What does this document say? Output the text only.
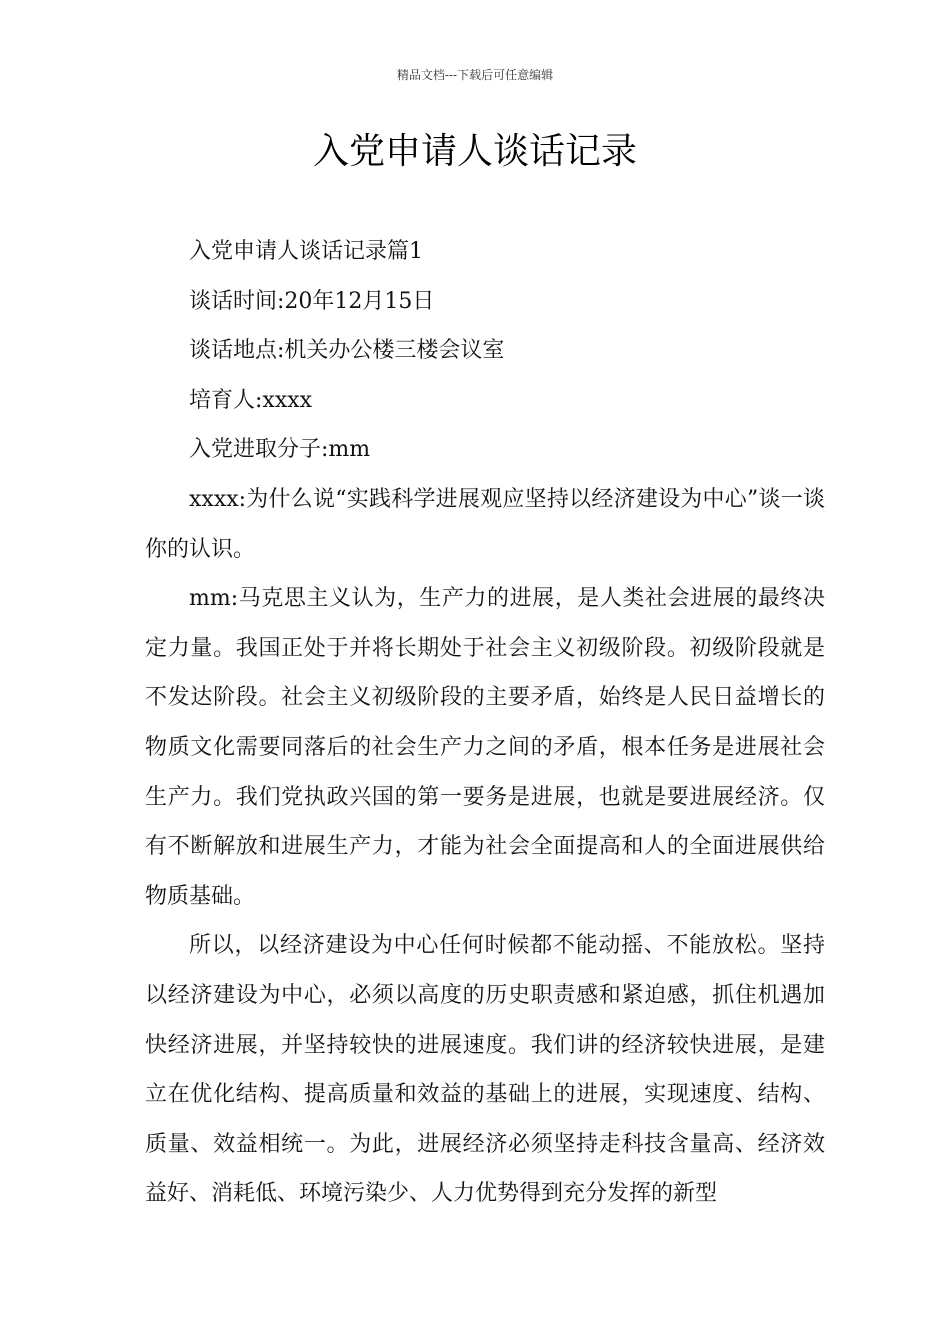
精品文档---下载后可任意编辑
入党申请人谈话记录

入党申请人谈话记录篇1

谈话时间:20年12月15日

谈话地点:机关办公楼三楼会议室

培育人:xxxx

入党进取分子:mm

xxxx:为什么说“实践科学进展观应坚持以经济建设为中心”谈一谈你的认识。

mm:马克思主义认为，生产力的进展，是人类社会进展的最终决定力量。我国正处于并将长期处于社会主义初级阶段。初级阶段就是不发达阶段。社会主义初级阶段的主要矛盾，始终是人民日益增长的物质文化需要同落后的社会生产力之间的矛盾，根本任务是进展社会生产力。我们党执政兴国的第一要务是进展，也就是要进展经济。仅有不断解放和进展生产力，才能为社会全面提高和人的全面进展供给物质基础。

所以，以经济建设为中心任何时候都不能动摇、不能放松。坚持以经济建设为中心，必须以高度的历史职责感和紧迫感，抓住机遇加快经济进展，并坚持较快的进展速度。我们讲的经济较快进展，是建立在优化结构、提高质量和效益的基础上的进展，实现速度、结构、质量、效益相统一。为此，进展经济必须坚持走科技含量高、经济效益好、消耗低、环境污染少、人力优势得到充分发挥的新型
